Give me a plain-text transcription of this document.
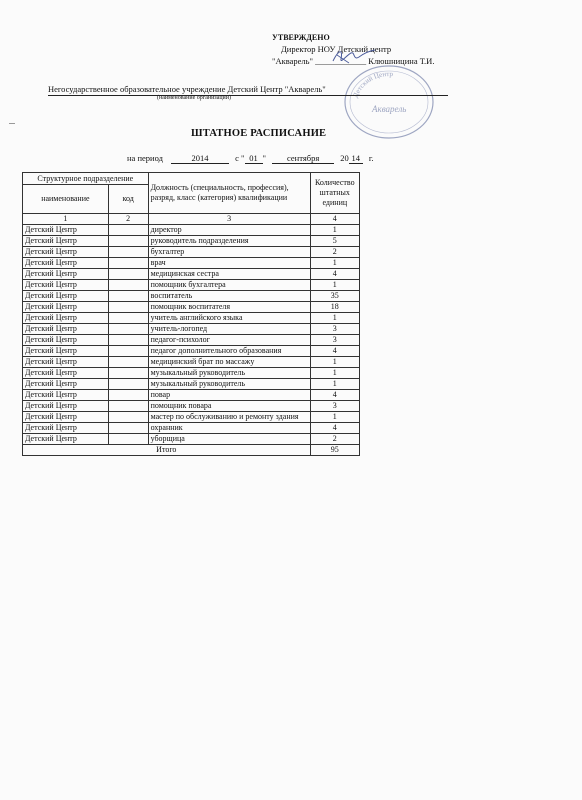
УТВЕРЖДЕНО
Директор НОУ Детский центр
"Акварель" ____________ Клюшницина Т.И.
Детский Центр
Акварель
Негосударственное образовательное учреждение Детский Центр "Акварель"
(наименование организации)
ШТАТНОЕ РАСПИСАНИЕ
на период	2014	с " 01 " сентября 20 14 г.
Структурное подразделение		Должность (специальность, профессия), разряд, класс (категория) квалификации	Количество штатных единиц
наименование	код		
1	2	3	4
Детский Центр		директор	1
Детский Центр		руководитель подразделения	5
Детский Центр		бухгалтер	2
Детский Центр		врач	1
Детский Центр		медицинская сестра	4
Детский Центр		помощник бухгалтера	1
Детский Центр		воспитатель	35
Детский Центр		помощник воспитателя	18
Детский Центр		учитель английского языка	1
Детский Центр		учитель-логопед	3
Детский Центр		педагог-психолог	3
Детский Центр		педагог дополнительного образования	4
Детский Центр		медицинский брат по массажу	1
Детский Центр		музыкальный руководитель	1
Детский Центр		музыкальный руководитель	1
Детский Центр		повар	4
Детский Центр		помощник повара	3
Детский Центр		мастер по обслуживанию и ремонту здания	1
Детский Центр		охранник	4
Детский Центр		уборщица	2
Итого			95
